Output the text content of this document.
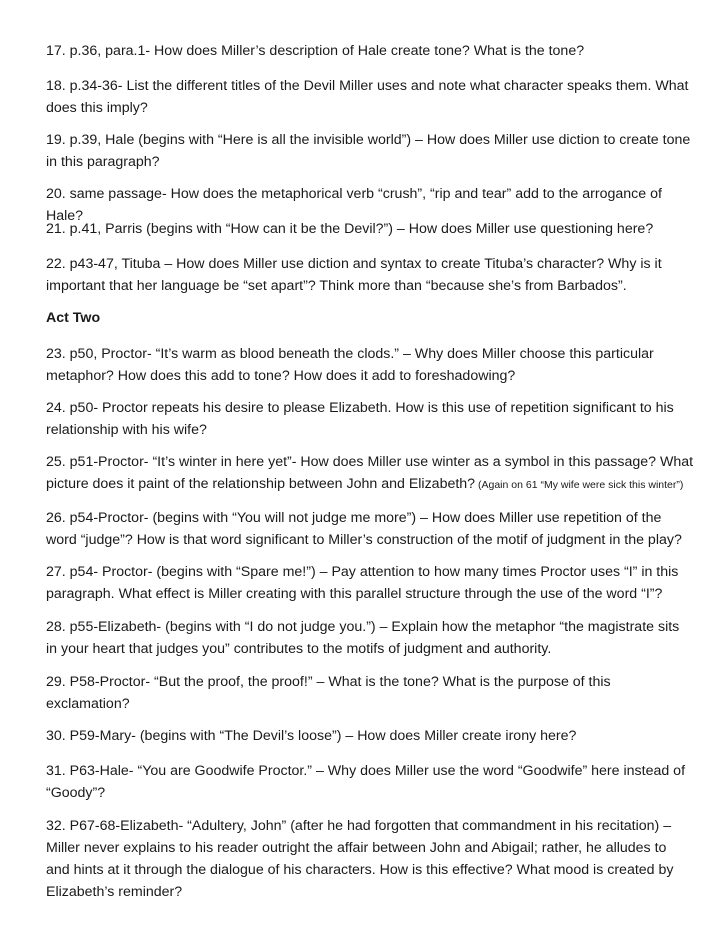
17. p.36, para.1- How does Miller’s description of Hale create tone? What is the tone?

18. p.34-36- List the different titles of the Devil Miller uses and note what character speaks them. What does this imply?

19. p.39, Hale (begins with “Here is all the invisible world”) – How does Miller use diction to create tone in this paragraph?

20. same passage- How does the metaphorical verb “crush”, “rip and tear” add to the arrogance of Hale?

21. p.41, Parris (begins with “How can it be the Devil?”) – How does Miller use questioning here?

22. p43-47, Tituba – How does Miller use diction and syntax to create Tituba’s character? Why is it important that her language be “set apart”? Think more than “because she’s from Barbados”.

Act Two

23. p50, Proctor- “It’s warm as blood beneath the clods.” – Why does Miller choose this particular metaphor? How does this add to tone? How does it add to foreshadowing?

24. p50- Proctor repeats his desire to please Elizabeth. How is this use of repetition significant to his relationship with his wife?

25. p51-Proctor- “It’s winter in here yet”- How does Miller use winter as a symbol in this passage? What picture does it paint of the relationship between John and Elizabeth? (Again on 61 “My wife were sick this winter”)

26. p54-Proctor- (begins with “You will not judge me more”) – How does Miller use repetition of the word “judge”? How is that word significant to Miller’s construction of the motif of judgment in the play?

27. p54- Proctor- (begins with “Spare me!”) – Pay attention to how many times Proctor uses “I” in this paragraph. What effect is Miller creating with this parallel structure through the use of the word “I”?

28. p55-Elizabeth- (begins with “I do not judge you.”) – Explain how the metaphor “the magistrate sits in your heart that judges you” contributes to the motifs of judgment and authority.

29. P58-Proctor- “But the proof, the proof!” – What is the tone? What is the purpose of this exclamation?

30. P59-Mary- (begins with “The Devil’s loose”) – How does Miller create irony here?

31. P63-Hale- “You are Goodwife Proctor.” – Why does Miller use the word “Goodwife” here instead of “Goody”?

32. P67-68-Elizabeth- “Adultery, John” (after he had forgotten that commandment in his recitation) – Miller never explains to his reader outright the affair between John and Abigail; rather, he alludes to and hints at it through the dialogue of his characters. How is this effective? What mood is created by Elizabeth’s reminder?
